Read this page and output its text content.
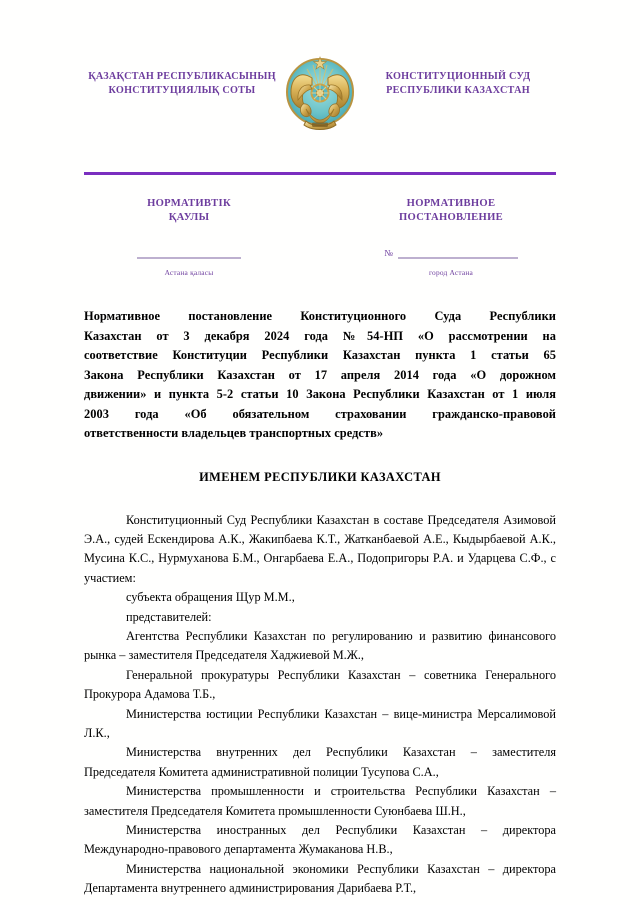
ҚАЗАҚСТАН РЕСПУБЛИКАСЫНЫҢ
КОНСТИТУЦИЯЛЫҚ СОТЫ
КОНСТИТУЦИОННЫЙ СУД
РЕСПУБЛИКИ КАЗАХСТАН
НОРМАТИВТІК
ҚАУЛЫ
Астана қаласы
НОРМАТИВНОЕ
ПОСТАНОВЛЕНИЕ
№
город Астана
Нормативное постановление Конституционного Суда Республики
Казахстан от 3 декабря 2024 года №54-НП «О рассмотрении на
соответствие Конституции Республики Казахстан пункта 1 статьи 65
Закона Республики Казахстан от 17 апреля 2014 года «О дорожном
движении» и пункта 5-2 статьи 10 Закона Республики Казахстан от 1 июля
2003 года «Об обязательном страховании гражданско-правовой
ответственности владельцев транспортных средств»
ИМЕНЕМ РЕСПУБЛИКИ КАЗАХСТАН

Конституционный Суд Республики Казахстан в составе Председателя Азимовой Э.А., судей Ескендирова А.К., Жакипбаева К.Т., Жатканбаевой А.Е., Кыдырбаевой А.К., Мусина К.С., Нурмуханова Б.М., Онгарбаева Е.А., Подопригоры Р.А. и Ударцева С.Ф., с участием:

субъекта обращения Щур М.М.,

представителей:

Агентства Республики Казахстан по регулированию и развитию финансового рынка – заместителя Председателя Хаджиевой М.Ж.,

Генеральной прокуратуры Республики Казахстан – советника Генерального Прокурора Адамова Т.Б.,

Министерства юстиции Республики Казахстан – вице-министра Мерсалимовой Л.К.,

Министерства внутренних дел Республики Казахстан – заместителя Председателя Комитета административной полиции Тусупова С.А.,

Министерства промышленности и строительства Республики Казахстан – заместителя Председателя Комитета промышленности Суюнбаева Ш.Н.,

Министерства иностранных дел Республики Казахстан – директора Международно-правового департамента Жумаканова Н.В.,

Министерства национальной экономики Республики Казахстан – директора Департамента внутреннего администрирования Дарибаева Р.Т.,
